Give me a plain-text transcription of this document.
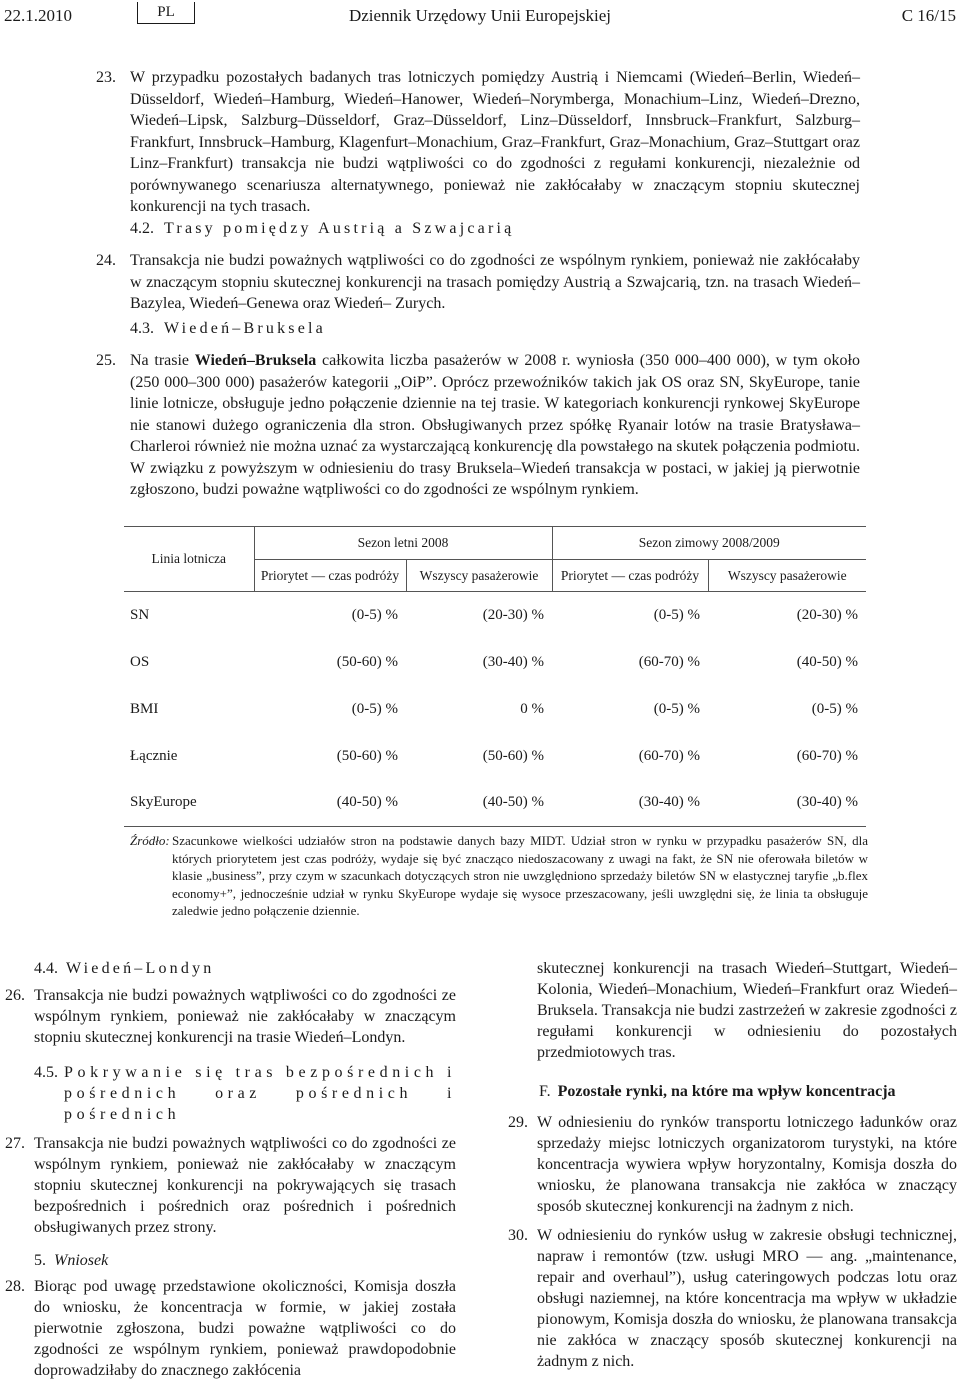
22.1.2010	PL	Dziennik Urzędowy Unii Europejskiej	C 16/15
23. W przypadku pozostałych badanych tras lotniczych pomiędzy Austrią i Niemcami (Wiedeń–Berlin, Wiedeń–Düsseldorf, Wiedeń–Hamburg, Wiedeń–Hanower, Wiedeń–Norymberga, Monachium–Linz, Wiedeń–Drezno, Wiedeń–Lipsk, Salzburg–Düsseldorf, Graz–Düsseldorf, Linz–Düsseldorf, Innsbruck–Frankfurt, Salzburg–Frankfurt, Innsbruck–Hamburg, Klagenfurt–Monachium, Graz–Frankfurt, Graz–Monachium, Graz–Stuttgart oraz Linz–Frankfurt) transakcja nie budzi wątpliwości co do zgodności z regułami konkurencji, niezależnie od porównywanego scenariusza alternatywnego, ponieważ nie zakłócałaby w znaczącym stopniu skutecznej konkurencji na tych trasach.
4.2. Trasy pomiędzy Austrią a Szwajcarią
24. Transakcja nie budzi poważnych wątpliwości co do zgodności ze wspólnym rynkiem, ponieważ nie zakłócałaby w znaczącym stopniu skutecznej konkurencji na trasach pomiędzy Austrią a Szwajcarią, tzn. na trasach Wiedeń–Bazylea, Wiedeń–Genewa oraz Wiedeń– Zurych.
4.3. Wiedeń–Bruksela
25. Na trasie Wiedeń–Bruksela całkowita liczba pasażerów w 2008 r. wyniosła (350 000–400 000), w tym około (250 000–300 000) pasażerów kategorii „OiP”. Oprócz przewoźników takich jak OS oraz SN, SkyEurope, tanie linie lotnicze, obsługuje jedno połączenie dziennie na tej trasie. W kategoriach konkurencji rynkowej SkyEurope nie stanowi dużego ograniczenia dla stron. Obsługiwanych przez spółkę Ryanair lotów na trasie Bratysława–Charleroi również nie można uznać za wystarczającą konkurencję dla powstałego na skutek połączenia podmiotu. W związku z powyższym w odniesieniu do trasy Bruksela–Wiedeń transakcja w postaci, w jakiej ją pierwotnie zgłoszono, budzi poważne wątpliwości co do zgodności ze wspólnym rynkiem.
Linia lotnicza	Sezon letni 2008		Sezon zimowy 2008/2009	
	Priorytet — czas podróży	Wszyscy pasażerowie	Priorytet — czas podróży	Wszyscy pasażerowie
SN	(0-5) %	(20-30) %	(0-5) %	(20-30) %
OS	(50-60) %	(30-40) %	(60-70) %	(40-50) %
BMI	(0-5) %	0 %	(0-5) %	(0-5) %
Łącznie	(50-60) %	(50-60) %	(60-70) %	(60-70) %
SkyEurope	(40-50) %	(40-50) %	(30-40) %	(30-40) %
Źródło: Szacunkowe wielkości udziałów stron na podstawie danych bazy MIDT. Udział stron w rynku w przypadku pasażerów SN, dla których priorytetem jest czas podróży, wydaje się być znacząco niedoszacowany z uwagi na fakt, że SN nie oferowała biletów w klasie „business”, przy czym w szacunkach dotyczących stron nie uwzględniono sprzedaży biletów SN w elastycznej taryfie „b.flex economy+”, jednocześnie udział w rynku SkyEurope wydaje się wysoce przeszacowany, jeśli uwzględni się, że linia ta obsługuje zaledwie jedno połączenie dziennie.
4.4. Wiedeń–Londyn
26. Transakcja nie budzi poważnych wątpliwości co do zgodności ze wspólnym rynkiem, ponieważ nie zakłócałaby w znaczącym stopniu skutecznej konkurencji na trasie Wiedeń–Londyn.
4.5. Pokrywanie się tras bezpośrednich i pośrednich oraz pośrednich i pośrednich
27. Transakcja nie budzi poważnych wątpliwości co do zgodności ze wspólnym rynkiem, ponieważ nie zakłócałaby w znaczącym stopniu skutecznej konkurencji na pokrywających się trasach bezpośrednich i pośrednich oraz pośrednich i pośrednich obsługiwanych przez strony.
5. Wniosek
28. Biorąc pod uwagę przedstawione okoliczności, Komisja doszła do wniosku, że koncentracja w formie, w jakiej została pierwotnie zgłoszona, budzi poważne wątpliwości co do zgodności ze wspólnym rynkiem, ponieważ prawdopodobnie doprowadziłaby do znacznego zakłócenia
skutecznej konkurencji na trasach Wiedeń–Stuttgart, Wiedeń–Kolonia, Wiedeń–Monachium, Wiedeń–Frankfurt oraz Wiedeń–Bruksela. Transakcja nie budzi zastrzeżeń w zakresie zgodności z regułami konkurencji w odniesieniu do pozostałych przedmiotowych tras.
F. Pozostałe rynki, na które ma wpływ koncentracja
29. W odniesieniu do rynków transportu lotniczego ładunków oraz sprzedaży miejsc lotniczych organizatorom turystyki, na które koncentracja wywiera wpływ horyzontalny, Komisja doszła do wniosku, że planowana transakcja nie zakłóca w znaczący sposób skutecznej konkurencji na żadnym z nich.
30. W odniesieniu do rynków usług w zakresie obsługi technicznej, napraw i remontów (tzw. usługi MRO — ang. „maintenance, repair and overhaul”), usług cateringowych podczas lotu oraz obsługi naziemnej, na które koncentracja ma wpływ w układzie pionowym, Komisja doszła do wniosku, że planowana transakcja nie zakłóca w znaczący sposób skutecznej konkurencji na żadnym z nich.
